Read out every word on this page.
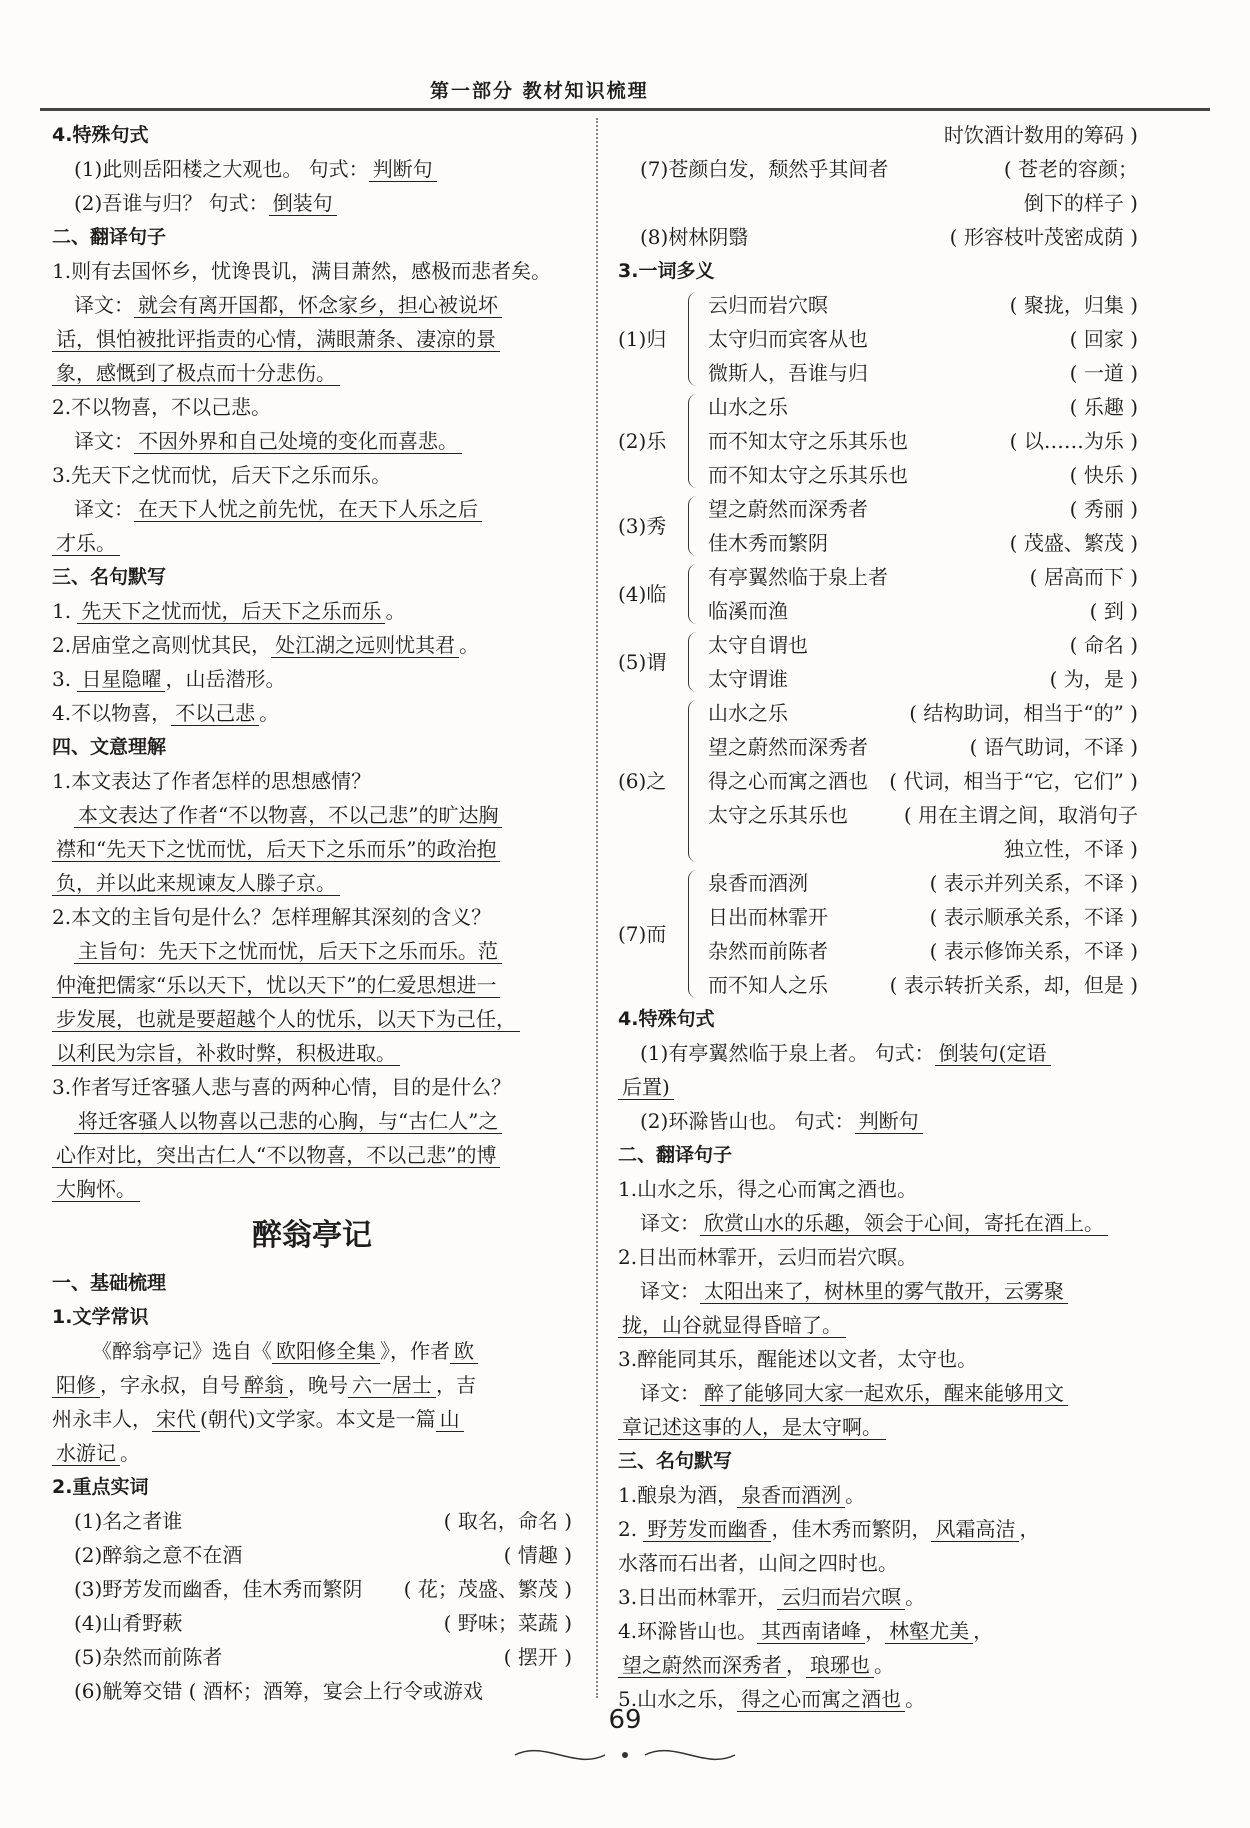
第一部分 教材知识梳理
4.特殊句式
(1)此则岳阳楼之大观也。 句式： 判断句
(2)吾谁与归？ 句式： 倒装句
二、翻译句子
1.则有去国怀乡，忧谗畏讥，满目萧然，感极而悲者矣。
译文： 就会有离开国都，怀念家乡，担心被说坏
话，惧怕被批评指责的心情，满眼萧条、凄凉的景
象，感慨到了极点而十分悲伤。
2.不以物喜，不以己悲。
译文： 不因外界和自己处境的变化而喜悲。
3.先天下之忧而忧，后天下之乐而乐。
译文： 在天下人忧之前先忧，在天下人乐之后
才乐。
三、名句默写
1. 先天下之忧而忧，后天下之乐而乐 。
2.居庙堂之高则忧其民， 处江湖之远则忧其君 。
3. 日星隐曜 ，山岳潜形。
4.不以物喜， 不以己悲 。
四、文意理解
1.本文表达了作者怎样的思想感情？
本文表达了作者“不以物喜，不以己悲”的旷达胸
襟和“先天下之忧而忧，后天下之乐而乐”的政治抱
负，并以此来规谏友人滕子京。
2.本文的主旨句是什么？怎样理解其深刻的含义？
主旨句：先天下之忧而忧，后天下之乐而乐。范
仲淹把儒家“乐以天下，忧以天下”的仁爱思想进一
步发展，也就是要超越个人的忧乐，以天下为己任，
以利民为宗旨，补救时弊，积极进取。
3.作者写迁客骚人悲与喜的两种心情，目的是什么？
将迁客骚人以物喜以己悲的心胸，与“古仁人”之
心作对比，突出古仁人“不以物喜，不以己悲”的博
大胸怀。
醉翁亭记
一、基础梳理
1.文学常识
《醉翁亭记》选自《 欧阳修全集 》，作者 欧
阳修 ，字永叔，自号 醉翁 ，晚号 六一居士 ，吉
州永丰人， 宋代 (朝代)文学家。本文是一篇 山
水游记 。
2.重点实词
(1)名之者谁	( 取名，命名 )
(2)醉翁之意不在酒	( 情趣 )
(3)野芳发而幽香，佳木秀而繁阴 ( 花；茂盛、繁茂 )
(4)山肴野蔌	( 野味；菜蔬 )
(5)杂然而前陈者	( 摆开 )
(6)觥筹交错 ( 酒杯；酒筹，宴会上行令或游戏
时饮酒计数用的筹码 )
(7)苍颜白发，颓然乎其间者	( 苍老的容颜；
倒下的样子 )
(8)树林阴翳	( 形容枝叶茂密成荫 )
3.一词多义
(1)归
云归而岩穴暝	( 聚拢，归集 )
太守归而宾客从也	( 回家 )
微斯人，吾谁与归	( 一道 )
(2)乐
山水之乐	( 乐趣 )
而不知太守之乐其乐也	( 以……为乐 )
而不知太守之乐其乐也	( 快乐 )
(3)秀
望之蔚然而深秀者	( 秀丽 )
佳木秀而繁阴	( 茂盛、繁茂 )
(4)临
有亭翼然临于泉上者	( 居高而下 )
临溪而渔	( 到 )
(5)谓
太守自谓也	( 命名 )
太守谓谁	( 为，是 )
(6)之
山水之乐	( 结构助词，相当于“的” )
望之蔚然而深秀者	( 语气助词，不译 )
得之心而寓之酒也 ( 代词，相当于“它，它们” )
太守之乐其乐也	( 用在主谓之间，取消句子
独立性，不译 )
(7)而
泉香而酒洌	( 表示并列关系，不译 )
日出而林霏开	( 表示顺承关系，不译 )
杂然而前陈者	( 表示修饰关系，不译 )
而不知人之乐	( 表示转折关系，却，但是 )
4.特殊句式
(1)有亭翼然临于泉上者。 句式： 倒装句(定语
后置)
(2)环滁皆山也。 句式： 判断句
二、翻译句子
1.山水之乐，得之心而寓之酒也。
译文： 欣赏山水的乐趣，领会于心间，寄托在酒上。
2.日出而林霏开，云归而岩穴暝。
译文： 太阳出来了，树林里的雾气散开，云雾聚
拢，山谷就显得昏暗了。
3.醉能同其乐，醒能述以文者，太守也。
译文： 醉了能够同大家一起欢乐，醒来能够用文
章记述这事的人，是太守啊。
三、名句默写
1.酿泉为酒， 泉香而酒洌 。
2. 野芳发而幽香 ，佳木秀而繁阴， 风霜高洁 ，
水落而石出者，山间之四时也。
3.日出而林霏开， 云归而岩穴暝 。
4.环滁皆山也。 其西南诸峰 ， 林壑尤美 ，
望之蔚然而深秀者 ， 琅琊也 。
5.山水之乐， 得之心而寓之酒也 。
69
